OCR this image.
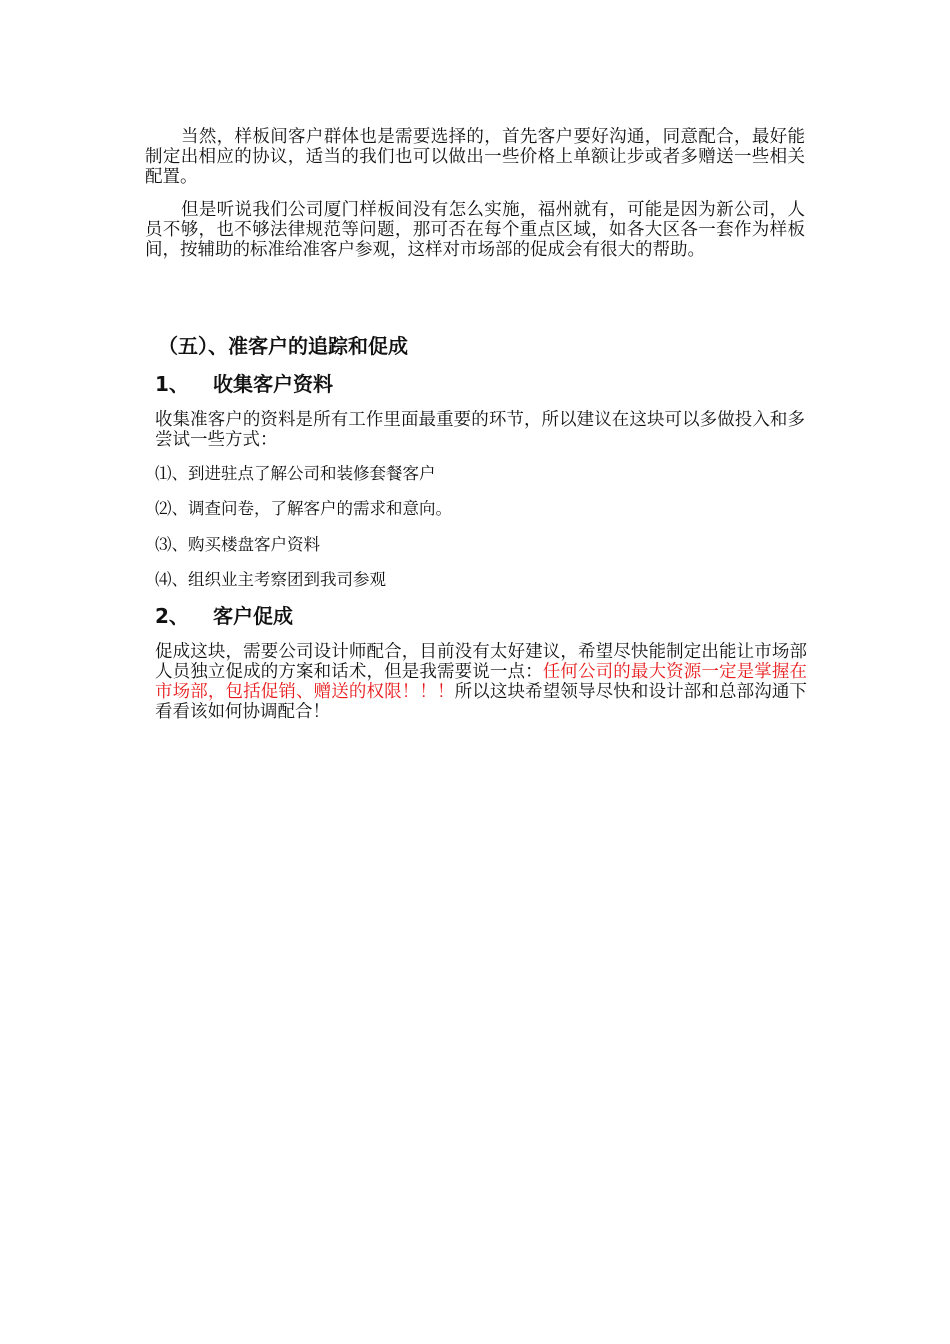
当然，样板间客户群体也是需要选择的，首先客户要好沟通，同意配合，最好能制定出相应的协议，适当的我们也可以做出一些价格上单额让步或者多赠送一些相关配置。

但是听说我们公司厦门样板间没有怎么实施，福州就有，可能是因为新公司，人员不够，也不够法律规范等问题，那可否在每个重点区域，如各大区各一套作为样板间，按辅助的标准给准客户参观，这样对市场部的促成会有很大的帮助。

（五）、准客户的追踪和促成
1、 收集客户资料

收集准客户的资料是所有工作里面最重要的环节，所以建议在这块可以多做投入和多尝试一些方式：

⑴、到进驻点了解公司和装修套餐客户

⑵、调查问卷，了解客户的需求和意向。

⑶、购买楼盘客户资料

⑷、组织业主考察团到我司参观

2、 客户促成

促成这块，需要公司设计师配合，目前没有太好建议，希望尽快能制定出能让市场部人员独立促成的方案和话术，但是我需要说一点：任何公司的最大资源一定是掌握在市场部，包括促销、赠送的权限！！！所以这块希望领导尽快和设计部和总部沟通下看看该如何协调配合！
